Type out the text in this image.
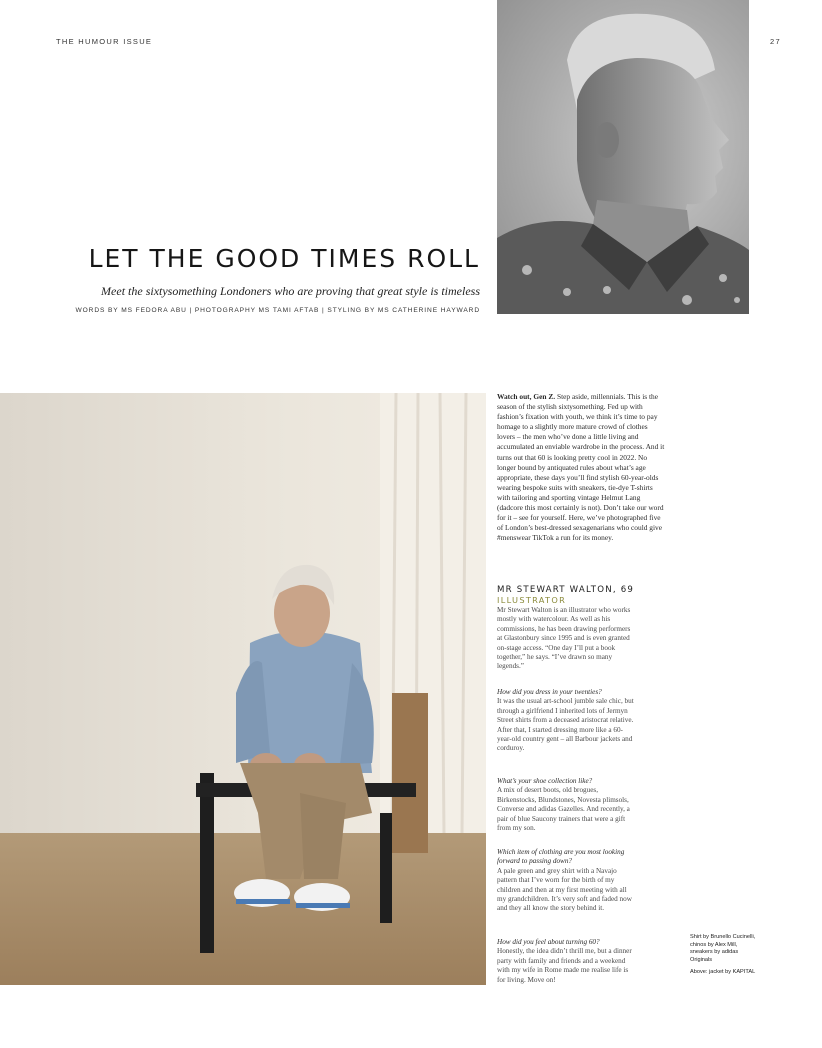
THE HUMOUR ISSUE	27
LET THE GOOD TIMES ROLL

Meet the sixtysomething Londoners who are proving that great style is timeless

WORDS BY MS FEDORA ABU | PHOTOGRAPHY MS TAMI AFTAB | STYLING BY MS CATHERINE HAYWARD
Watch out, Gen Z. Step aside, millennials. This is the season of the stylish sixtysomething. Fed up with fashion’s fixation with youth, we think it’s time to pay homage to a slightly more mature crowd of clothes lovers – the men who’ve done a little living and accumulated an enviable wardrobe in the process. And it turns out that 60 is looking pretty cool in 2022. No longer bound by antiquated rules about what’s age appropriate, these days you’ll find stylish 60-year-olds wearing bespoke suits with sneakers, tie-dye T-shirts with tailoring and sporting vintage Helmut Lang (dadcore this most certainly is not). Don’t take our word for it – see for yourself. Here, we’ve photographed five of London’s best-dressed sexagenarians who could give #menswear TikTok a run for its money.
MR STEWART WALTON, 69
ILLUSTRATOR
Mr Stewart Walton is an illustrator who works mostly with watercolour. As well as his commissions, he has been drawing performers at Glastonbury since 1995 and is even granted on-stage access. “One day I’ll put a book together,” he says. “I’ve drawn so many legends.”
How did you dress in your twenties?
It was the usual art-school jumble sale chic, but through a girlfriend I inherited lots of Jermyn Street shirts from a deceased aristocrat relative. After that, I started dressing more like a 60-year-old country gent – all Barbour jackets and corduroy.
What’s your shoe collection like?
A mix of desert boots, old brogues, Birkenstocks, Blundstones, Novesta plimsols, Converse and adidas Gazelles. And recently, a pair of blue Saucony trainers that were a gift from my son.
Which item of clothing are you most looking forward to passing down?
A pale green and grey shirt with a Navajo pattern that I’ve worn for the birth of my children and then at my first meeting with all my grandchildren. It’s very soft and faded now and they all know the story behind it.
How did you feel about turning 60?
Honestly, the idea didn’t thrill me, but a dinner party with family and friends and a weekend with my wife in Rome made me realise life is for living. Move on!
Shirt by Brunello Cucinelli, chinos by Alex Mill, sneakers by adidas Originals
Above: jacket by KAPITAL
